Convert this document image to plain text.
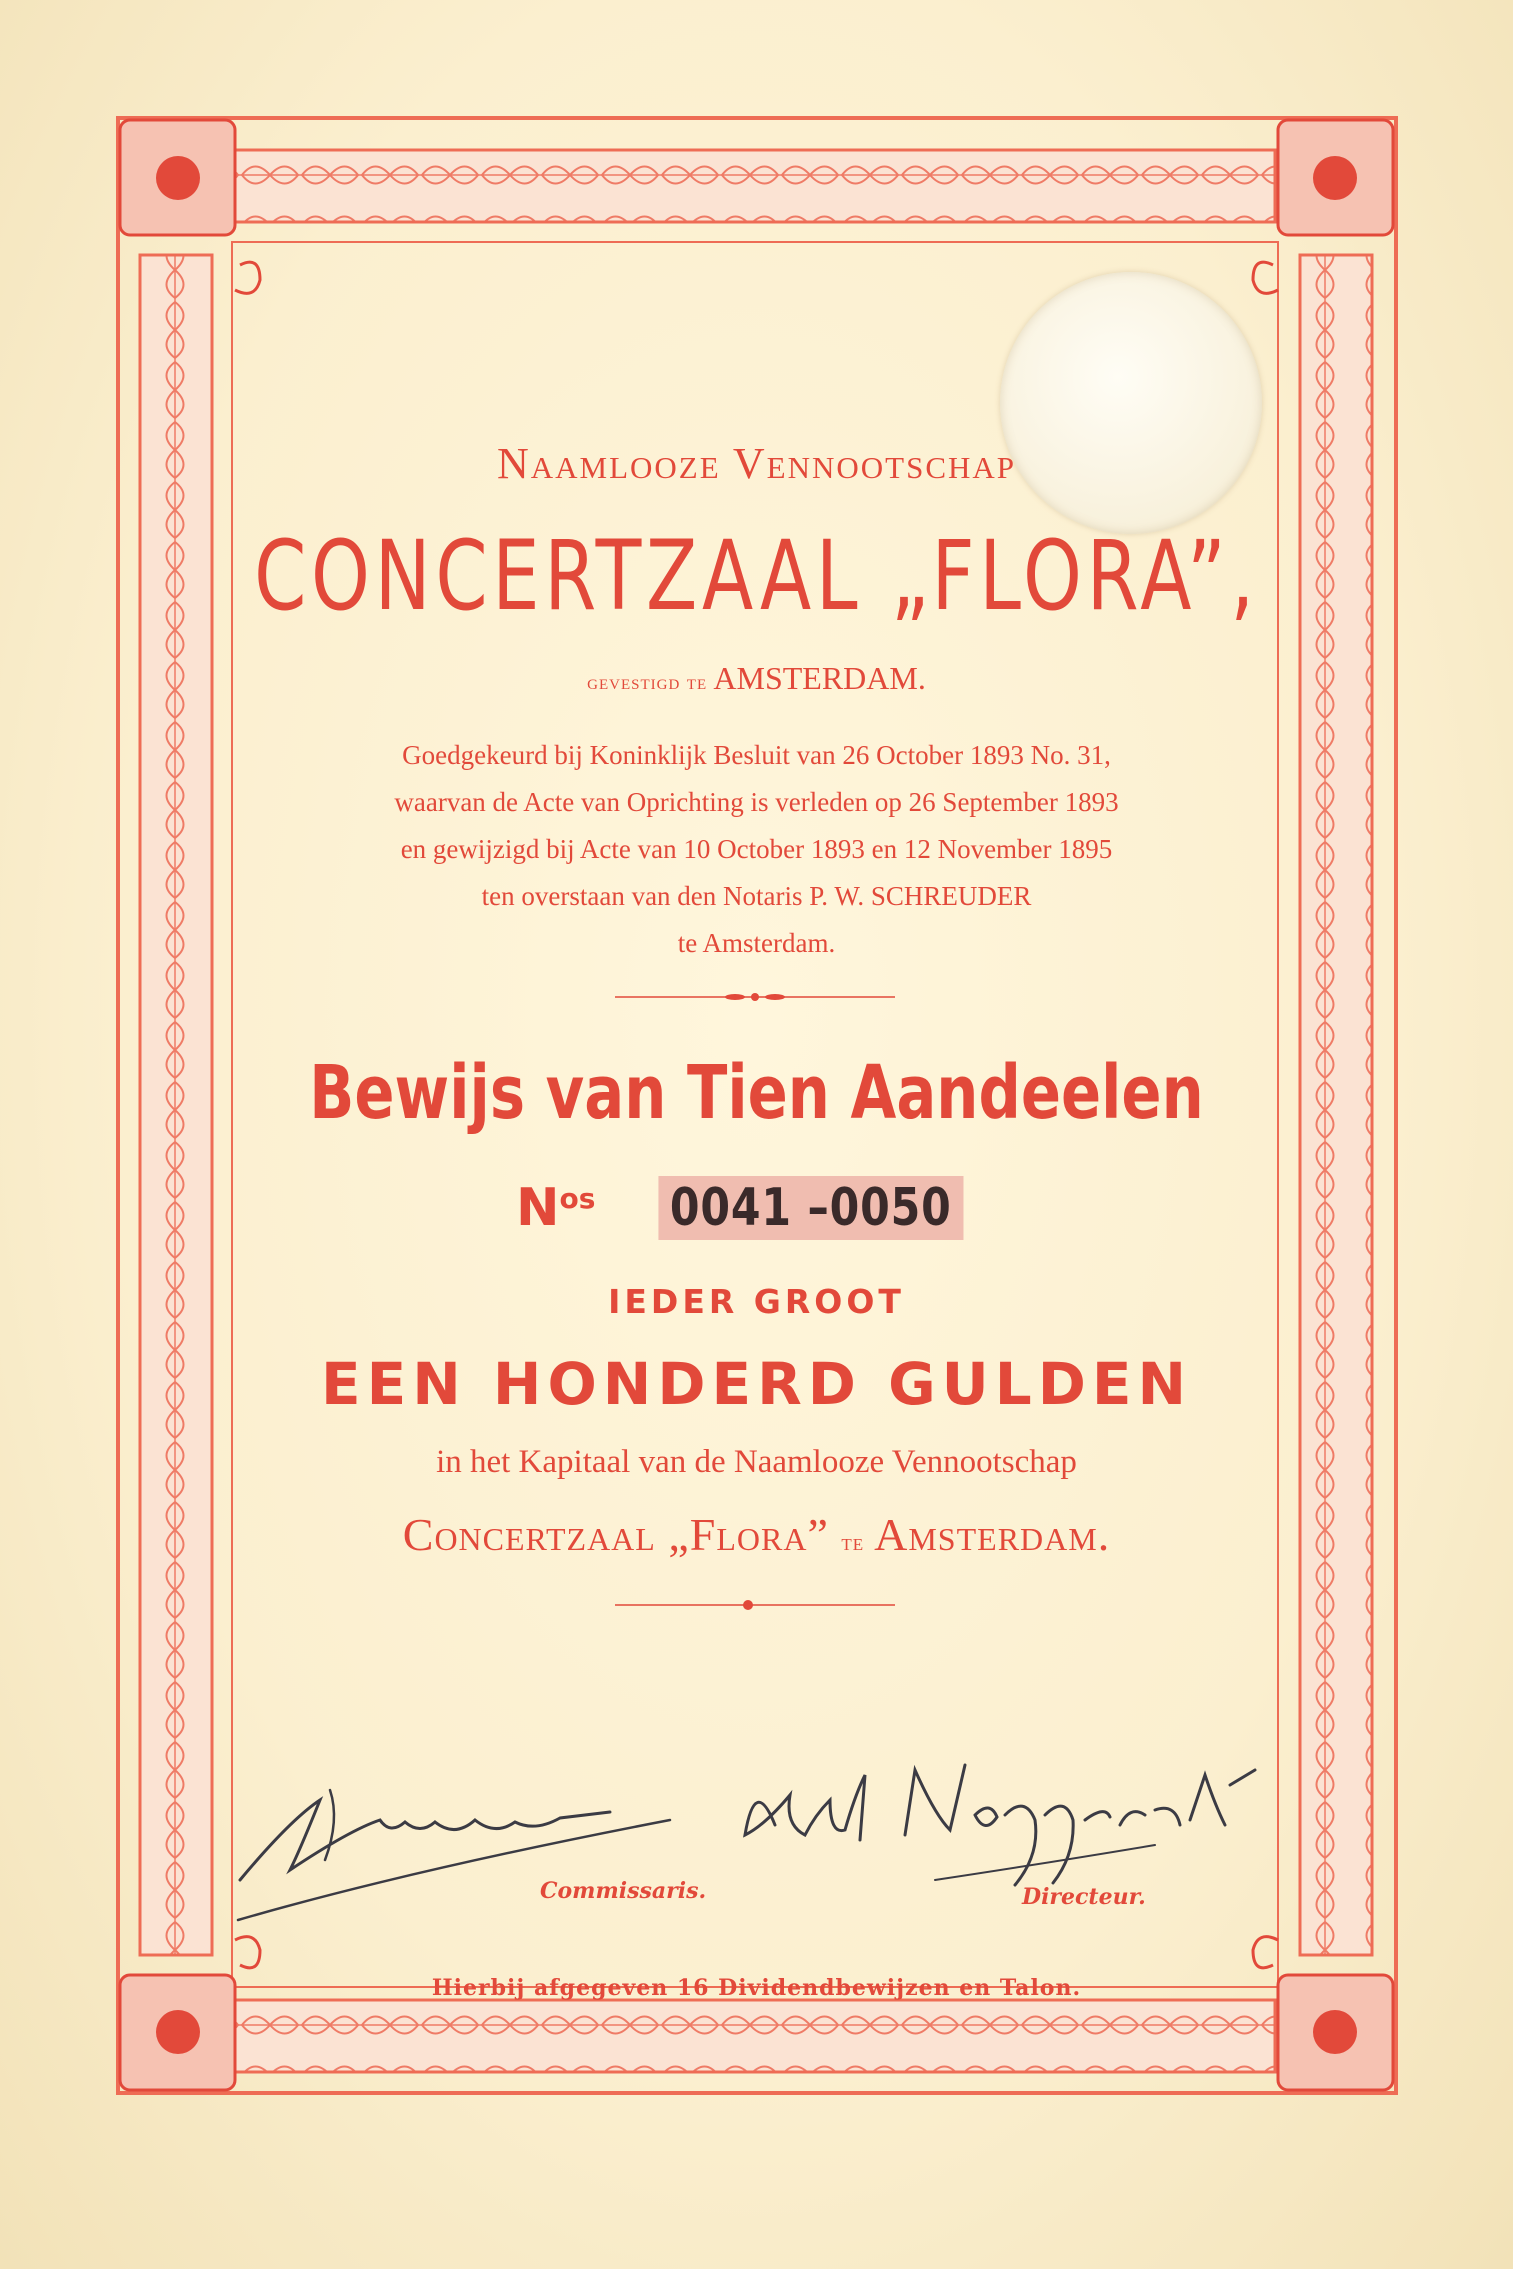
Naamlooze Vennootschap
CONCERTZAAL „FLORA”,
gevestigd te AMSTERDAM.
Goedgekeurd bij Koninklijk Besluit van 26 October 1893 No. 31,
waarvan de Acte van Oprichting is verleden op 26 September 1893
en gewijzigd bij Acte van 10 October 1893 en 12 November 1895
ten overstaan van den Notaris P. W. SCHREUDER
te Amsterdam.
Bewijs van Tien Aandeelen
$N^{os}$ 0041 –0050
IEDER GROOT
EEN HONDERD GULDEN
in het Kapitaal van de Naamlooze Vennootschap
Concertzaal „Flora” te Amsterdam.
Commissaris.	Directeur.
Hierbij afgegeven 16 Dividendbewijzen en Talon.
